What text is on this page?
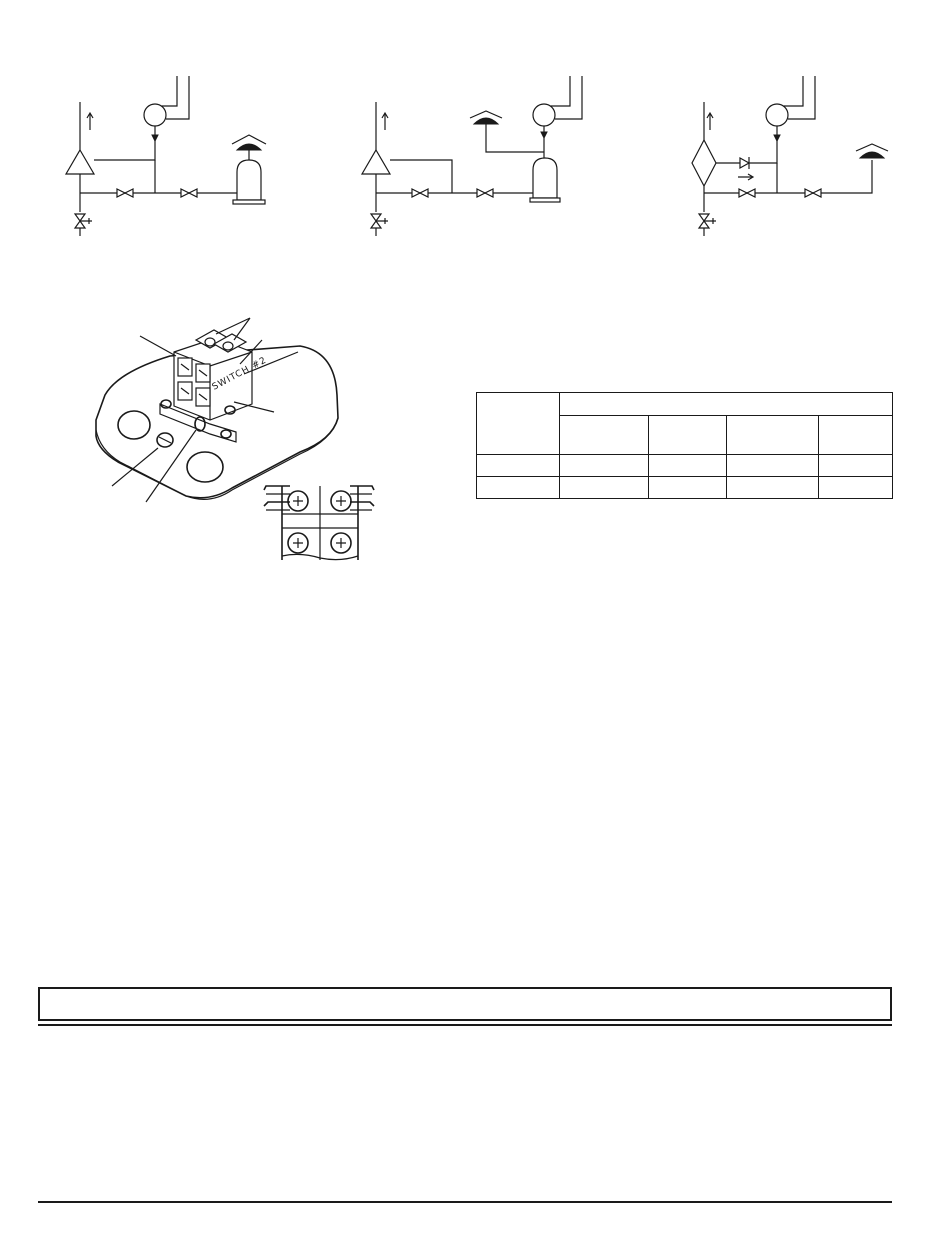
SWITCH #2
